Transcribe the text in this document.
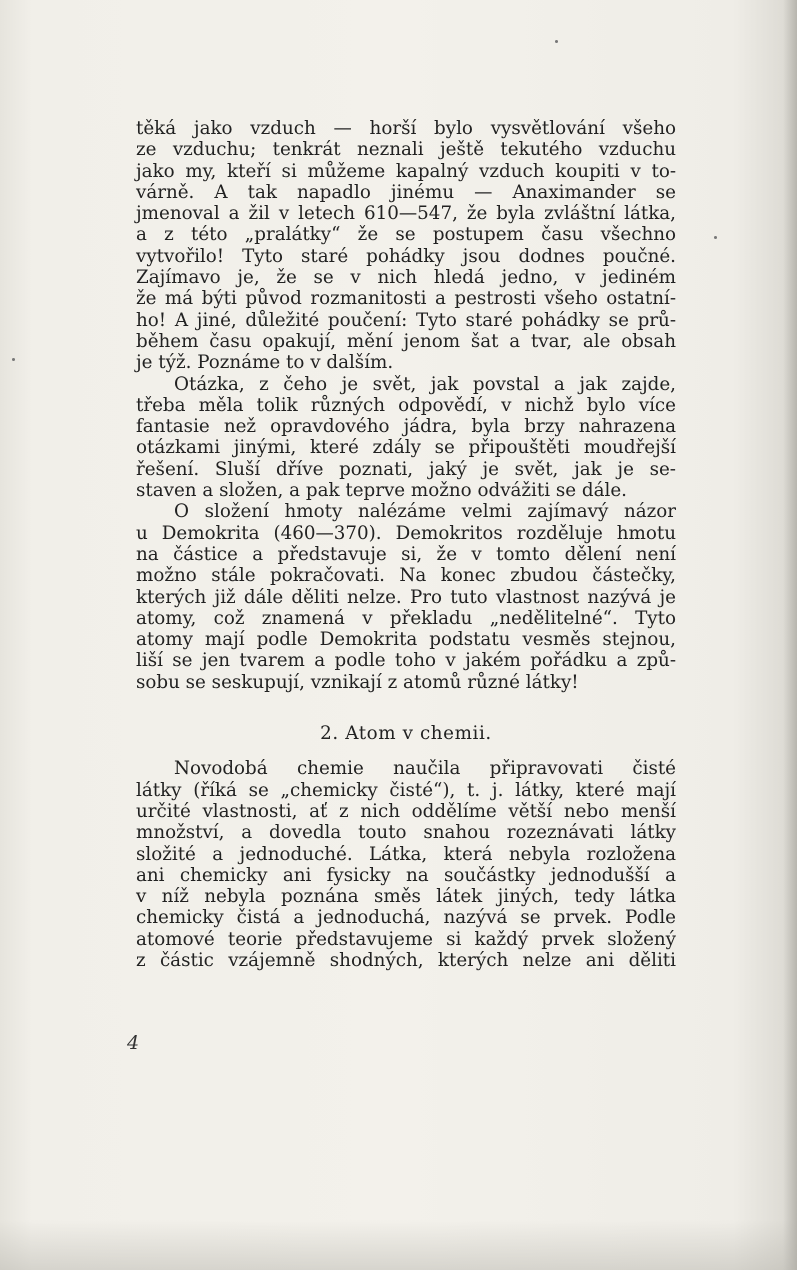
těká jako vzduch — horší bylo vysvětlování všeho
ze vzduchu; tenkrát neznali ještě tekutého vzduchu
jako my, kteří si můžeme kapalný vzduch koupiti v to-
várně. A tak napadlo jinému — Anaximander se
jmenoval a žil v letech 610—547, že byla zvláštní látka,
a z této „pralátky“ že se postupem času všechno
vytvořilo! Tyto staré pohádky jsou dodnes poučné.
Zajímavo je, že se v nich hledá jedno, v jediném
že má býti původ rozmanitosti a pestrosti všeho ostatní-
ho! A jiné, důležité poučení: Tyto staré pohádky se prů-
během času opakují, mění jenom šat a tvar, ale obsah
je týž. Poznáme to v dalším.
Otázka, z čeho je svět, jak povstal a jak zajde,
třeba měla tolik různých odpovědí, v nichž bylo více
fantasie než opravdového jádra, byla brzy nahrazena
otázkami jinými, které zdály se připouštěti moudřejší
řešení. Sluší dříve poznati, jaký je svět, jak je se-
staven a složen, a pak teprve možno odvážiti se dále.
O složení hmoty nalézáme velmi zajímavý názor
u Demokrita (460—370). Demokritos rozděluje hmotu
na částice a představuje si, že v tomto dělení není
možno stále pokračovati. Na konec zbudou částečky,
kterých již dále děliti nelze. Pro tuto vlastnost nazývá je
atomy, což znamená v překladu „nedělitelné“. Tyto
atomy mají podle Demokrita podstatu vesměs stejnou,
liší se jen tvarem a podle toho v jakém pořádku a způ-
sobu se seskupují, vznikají z atomů různé látky!
2. Atom v chemii.
Novodobá chemie naučila připravovati čisté
látky (říká se „chemicky čisté“), t. j. látky, které mají
určité vlastnosti, ať z nich oddělíme větší nebo menší
množství, a dovedla touto snahou rozeznávati látky
složité a jednoduché. Látka, která nebyla rozložena
ani chemicky ani fysicky na součástky jednodušší a
v níž nebyla poznána směs látek jiných, tedy látka
chemicky čistá a jednoduchá, nazývá se prvek. Podle
atomové teorie představujeme si každý prvek složený
z částic vzájemně shodných, kterých nelze ani děliti
4
